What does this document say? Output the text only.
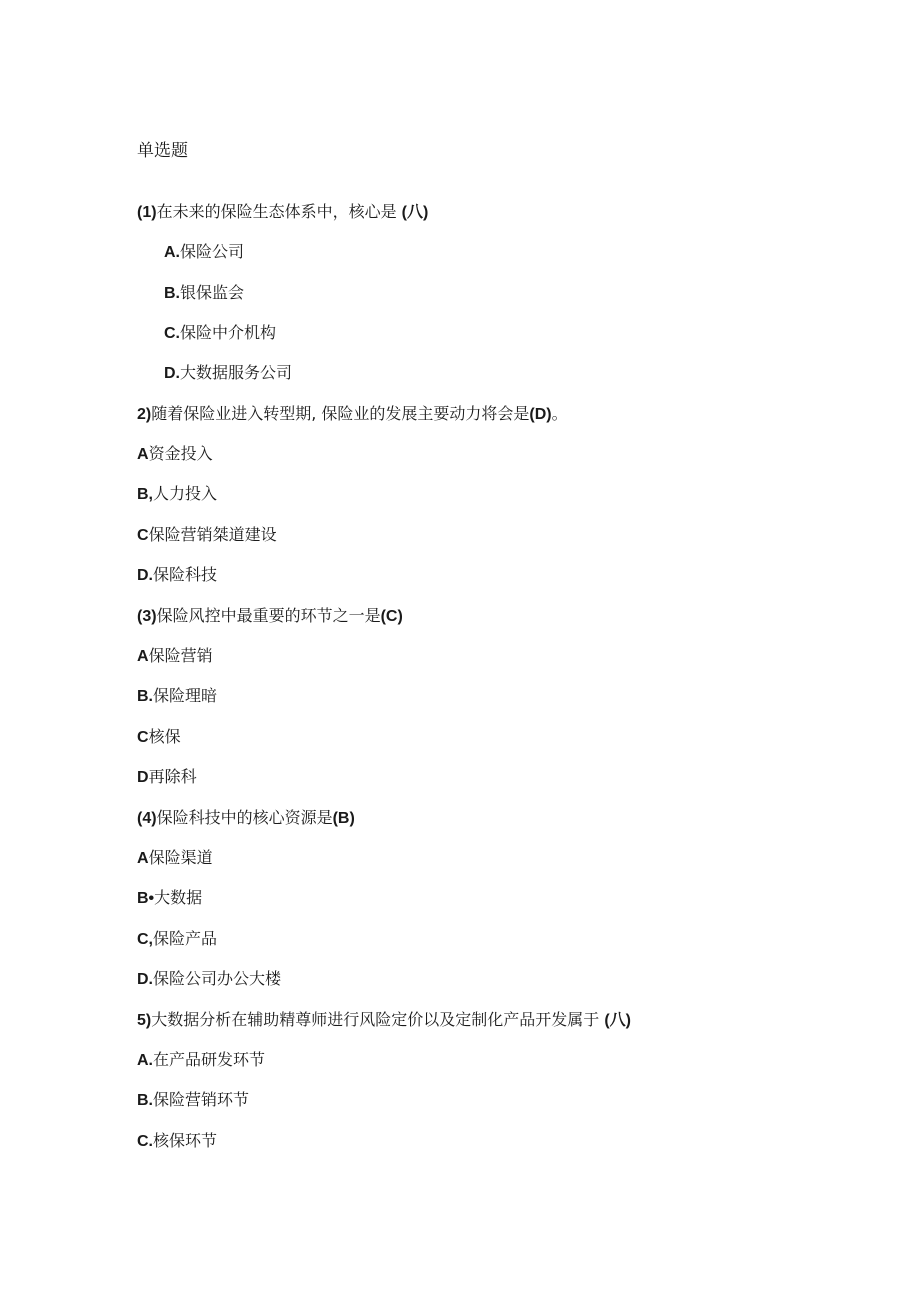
单选题
(1)在未来的保险生态体系中，核心是 (八)
A.保险公司
B.银保监会
C.保险中介机构
D.大数据服务公司
2)随着保险业进入转型期, 保险业的发展主要动力将会是(D)。
A资金投入
B,人力投入
C保险营销桀道建设
D.保险科技
(3)保险风控中最重要的环节之一是(C)
A保险营销
B.保险理暗
C核保
D再除科
(4)保险科技中的核心资源是(B)
A保险渠道
B•大数据
C,保险产品
D.保险公司办公大楼
5)大数据分析在辅助精尊师进行风险定价以及定制化产品开发属于 (八)
A.在产品研发环节
B.保险营销环节
C.核保环节
